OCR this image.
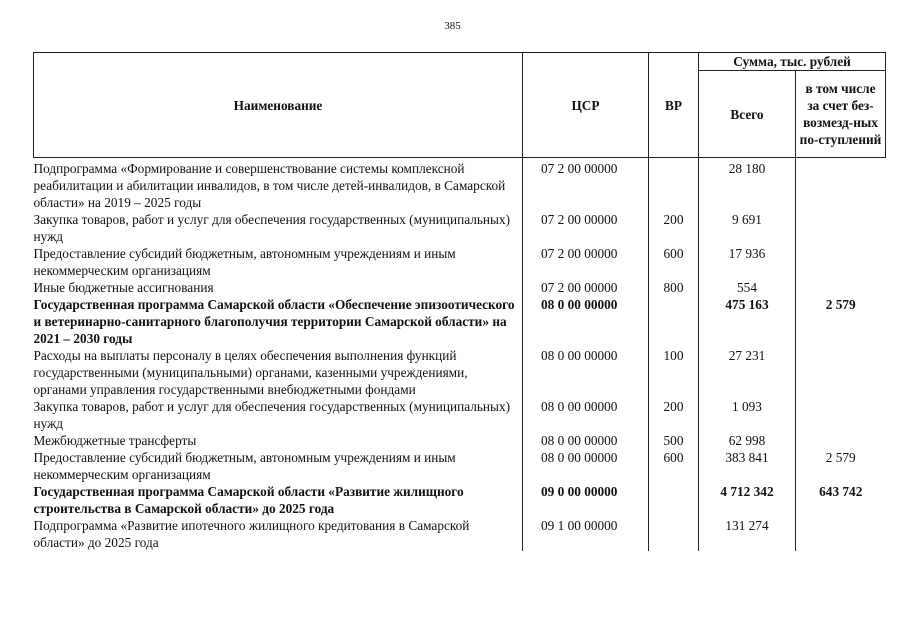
385
Наименование	ЦСР	ВР	Сумма, тыс. рублей	
			Всего	в том числе за счет без-возмезд-ных по-ступлений
Подпрограмма «Формирование и совершенствование системы комплексной реабилитации и абилитации инвалидов, в том числе детей-инвалидов, в Самарской области» на 2019 – 2025 годы	07 2 00 00000		28 180	
Закупка товаров, работ и услуг для обеспечения государственных (муниципальных) нужд	07 2 00 00000	200	9 691	
Предоставление субсидий бюджетным, автономным учреждениям и иным некоммерческим организациям	07 2 00 00000	600	17 936	
Иные бюджетные ассигнования	07 2 00 00000	800	554	
Государственная программа Самарской области «Обеспечение эпизоотического и ветеринарно-санитарного благополучия территории Самарской области» на 2021 – 2030 годы	08 0 00 00000		475 163	2 579
Расходы на выплаты персоналу в целях обеспечения выполнения функций государственными (муниципальными) органами, казенными учреждениями, органами управления государственными внебюджетными фондами	08 0 00 00000	100	27 231	
Закупка товаров, работ и услуг для обеспечения государственных (муниципальных) нужд	08 0 00 00000	200	1 093	
Межбюджетные трансферты	08 0 00 00000	500	62 998	
Предоставление субсидий бюджетным, автономным учреждениям и иным некоммерческим организациям	08 0 00 00000	600	383 841	2 579
Государственная программа Самарской области «Развитие жилищного строительства в Самарской области» до 2025 года	09 0 00 00000		4 712 342	643 742
Подпрограмма «Развитие ипотечного жилищного кредитования в Самарской области» до 2025 года	09 1 00 00000		131 274	
